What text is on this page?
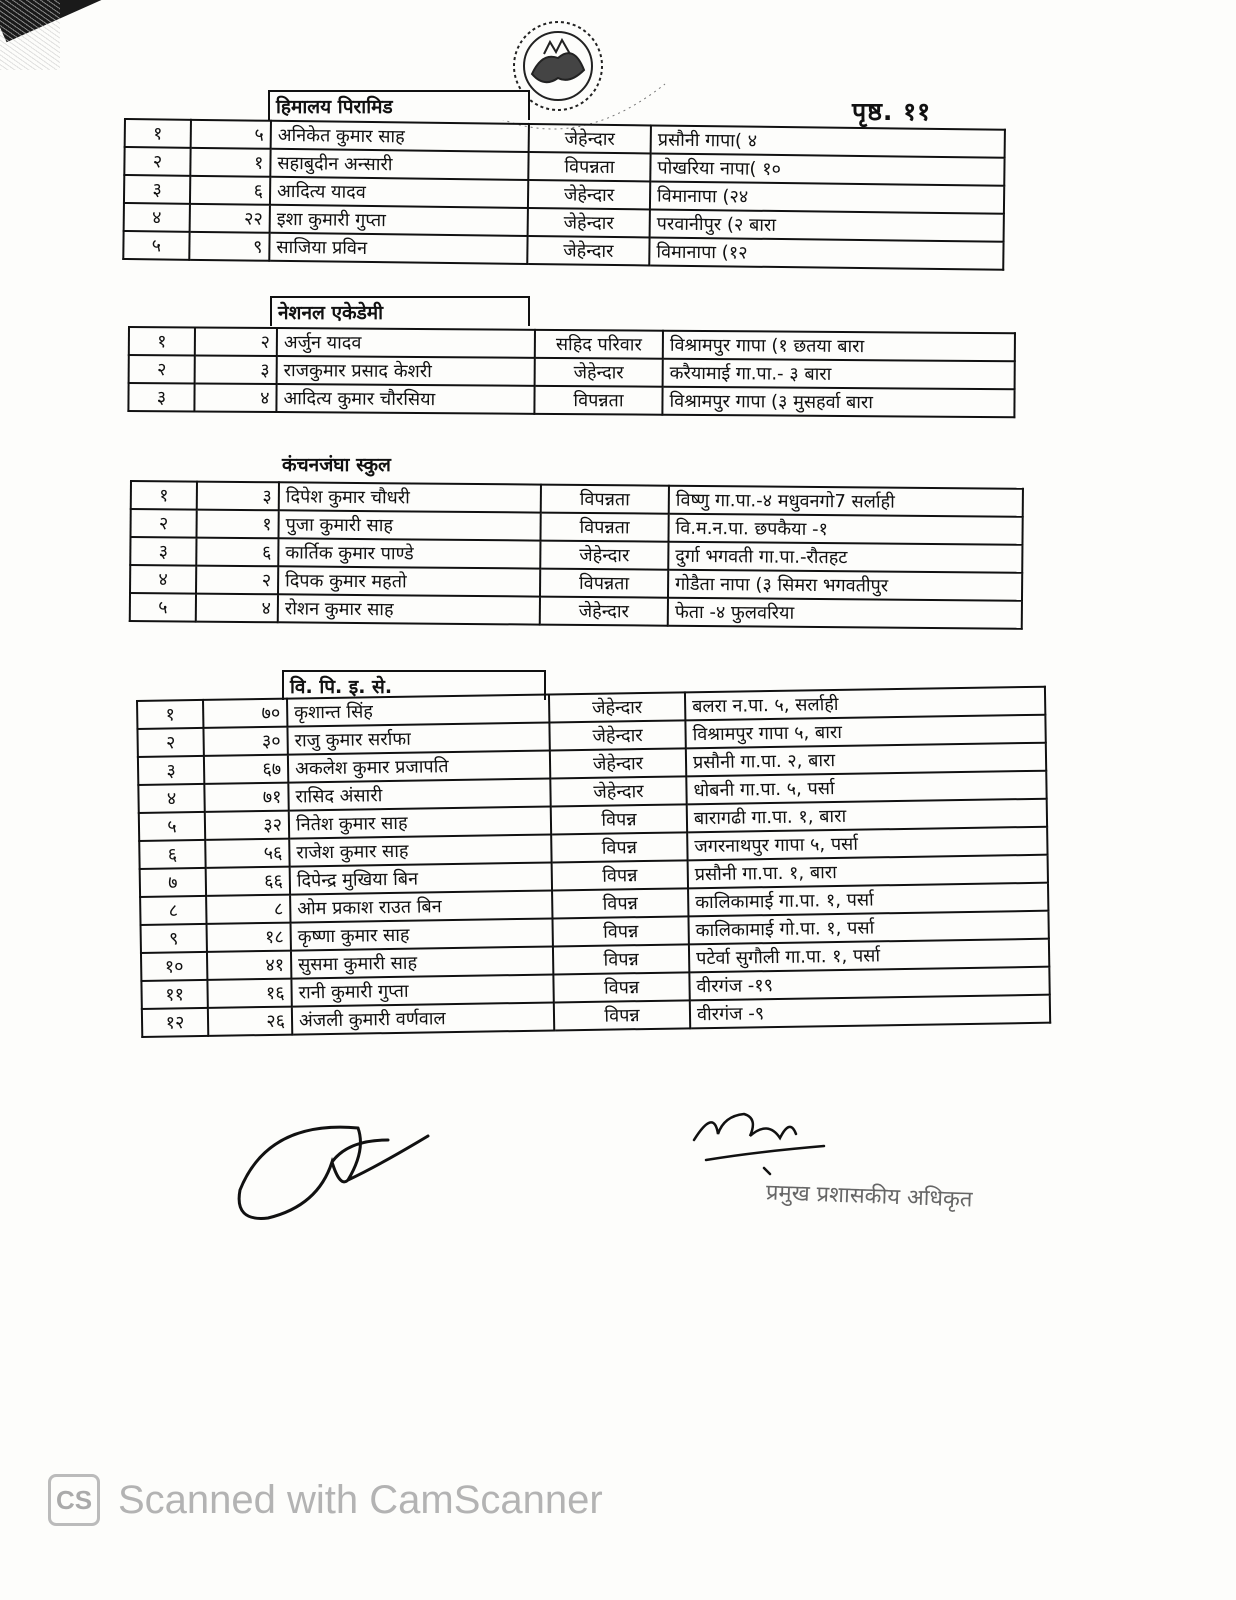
पृष्ठ. ११
हिमालय पिरामिड
१	५	अनिकेत कुमार साह	जेहेन्दार	प्रसौनी गापा( ४
२	१	सहाबुदीन अन्सारी	विपन्नता	पोखरिया नापा( १०
३	६	आदित्य यादव	जेहेन्दार	विमानापा (२४
४	२२	इशा कुमारी गुप्ता	जेहेन्दार	परवानीपुर (२ बारा
५	९	साजिया प्रविन	जेहेन्दार	विमानापा (१२
नेशनल एकेडेमी
१	२	अर्जुन यादव	सहिद परिवार	विश्रामपुर गापा (१ छतया बारा
२	३	राजकुमार प्रसाद केशरी	जेहेन्दार	करैयामाई गा.पा.- ३ बारा
३	४	आदित्य कुमार चौरसिया	विपन्नता	विश्रामपुर गापा (३ मुसहर्वा बारा
कंचनजंघा स्कुल
१	३	दिपेश कुमार चौधरी	विपन्नता	विष्णु गा.पा.-४ मधुवनगो7 सर्लाही
२	१	पुजा कुमारी साह	विपन्नता	वि.म.न.पा. छपकैया -१
३	६	कार्तिक कुमार पाण्डे	जेहेन्दार	दुर्गा भगवती गा.पा.-रौतहट
४	२	दिपक कुमार महतो	विपन्नता	गोडैता नापा (३ सिमरा भगवतीपुर
५	४	रोशन कुमार साह	जेहेन्दार	फेता -४ फुलवरिया
वि. पि. इ. से.
१	७०	कृशान्त सिंह	जेहेन्दार	बलरा न.पा. ५, सर्लाही
२	३०	राजु कुमार सर्राफा	जेहेन्दार	विश्रामपुर गापा ५, बारा
३	६७	अकलेश कुमार प्रजापति	जेहेन्दार	प्रसौनी गा.पा. २, बारा
४	७१	रासिद अंसारी	जेहेन्दार	धोबनी गा.पा. ५, पर्सा
५	३२	नितेश कुमार साह	विपन्न	बारागढी गा.पा. १, बारा
६	५६	राजेश कुमार साह	विपन्न	जगरनाथपुर गापा ५, पर्सा
७	६६	दिपेन्द्र मुखिया बिन	विपन्न	प्रसौनी गा.पा. १, बारा
८	८	ओम प्रकाश राउत बिन	विपन्न	कालिकामाई गा.पा. १, पर्सा
९	१८	कृष्णा कुमार साह	विपन्न	कालिकामाई गो.पा. १, पर्सा
१०	४१	सुसमा कुमारी साह	विपन्न	पटेर्वा सुगौली गा.पा. १, पर्सा
११	१६	रानी कुमारी गुप्ता	विपन्न	वीरगंज -१९
१२	२६	अंजली कुमारी वर्णवाल	विपन्न	वीरगंज -९
प्रमुख प्रशासकीय अधिकृत
CS Scanned with CamScanner
